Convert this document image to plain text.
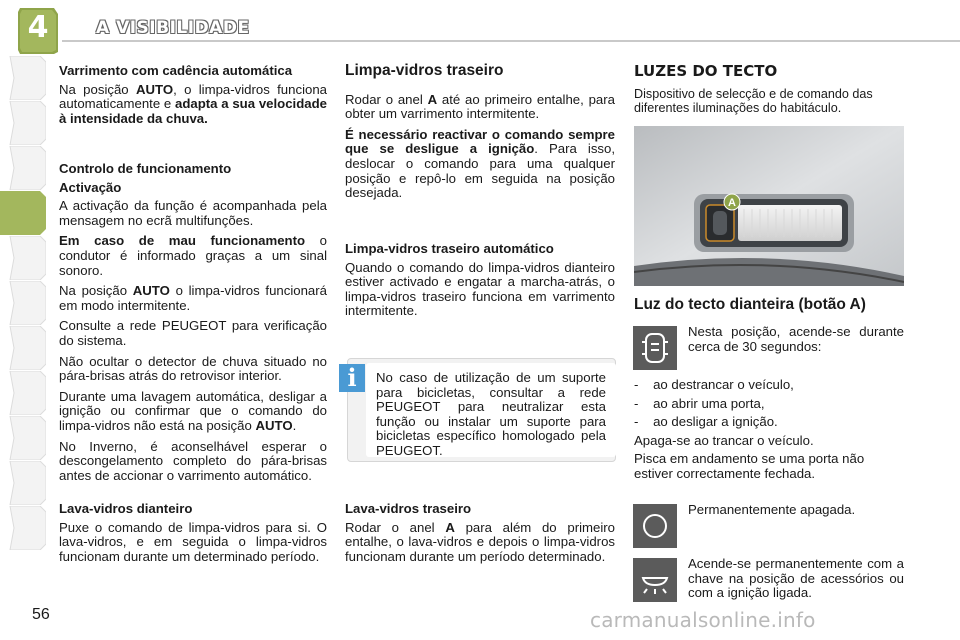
4	A VISIBILIDADE

Varrimento com cadência automática

Na posição AUTO, o limpa-vidros funciona automaticamente e adapta a sua velocidade à intensidade da chuva.

Controlo de funcionamento

Activação

A activação da função é acompanhada pela mensagem no ecrã multifunções.

Em caso de mau funcionamento o condutor é informado graças a um sinal sonoro.

Na posição AUTO o limpa-vidros funcionará em modo intermitente.

Consulte a rede PEUGEOT para verificação do sistema.

Não ocultar o detector de chuva situado no pára-brisas atrás do retrovisor interior.

Durante uma lavagem automática, desligar a ignição ou confirmar que o comando do limpa-vidros não está na posição AUTO.

No Inverno, é aconselhável esperar o descongelamento completo do pára-brisas antes de accionar o varrimento automático.

Lava-vidros dianteiro

Puxe o comando de limpa-vidros para si. O lava-vidros, e em seguida o limpa-vidros funcionam durante um determinado período.

Limpa-vidros traseiro

Rodar o anel A até ao primeiro entalhe, para obter um varrimento intermitente.

É necessário reactivar o comando sempre que se desligue a ignição. Para isso, deslocar o comando para uma qualquer posição e repô-lo em seguida na posição desejada.

Limpa-vidros traseiro automático

Quando o comando do limpa-vidros dianteiro estiver activado e engatar a marcha-atrás, o limpa-vidros traseiro funciona em varrimento intermitente.

No caso de utilização de um suporte para bicicletas, consultar a rede PEUGEOT para neutralizar esta função ou instalar um suporte para bicicletas específico homologado pela PEUGEOT.
i

Lava-vidros traseiro

Rodar o anel A para além do primeiro entalhe, o lava-vidros e depois o limpa-vidros funcionam durante um período determinado.

LUZES DO TECTO

Dispositivo de selecção e de comando das diferentes iluminações do habitáculo.

A

Luz do tecto dianteira (botão A)

Nesta posição, acende-se durante cerca de 30 segundos:

-    ao destrancar o veículo,

-    ao abrir uma porta,

-    ao desligar a ignição.

Apaga-se ao trancar o veículo.

Pisca em andamento se uma porta não estiver correctamente fechada.

Permanentemente apagada.

Acende-se permanentemente com a chave na posição de acessórios ou com a ignição ligada.

56	carmanualsonline.info
